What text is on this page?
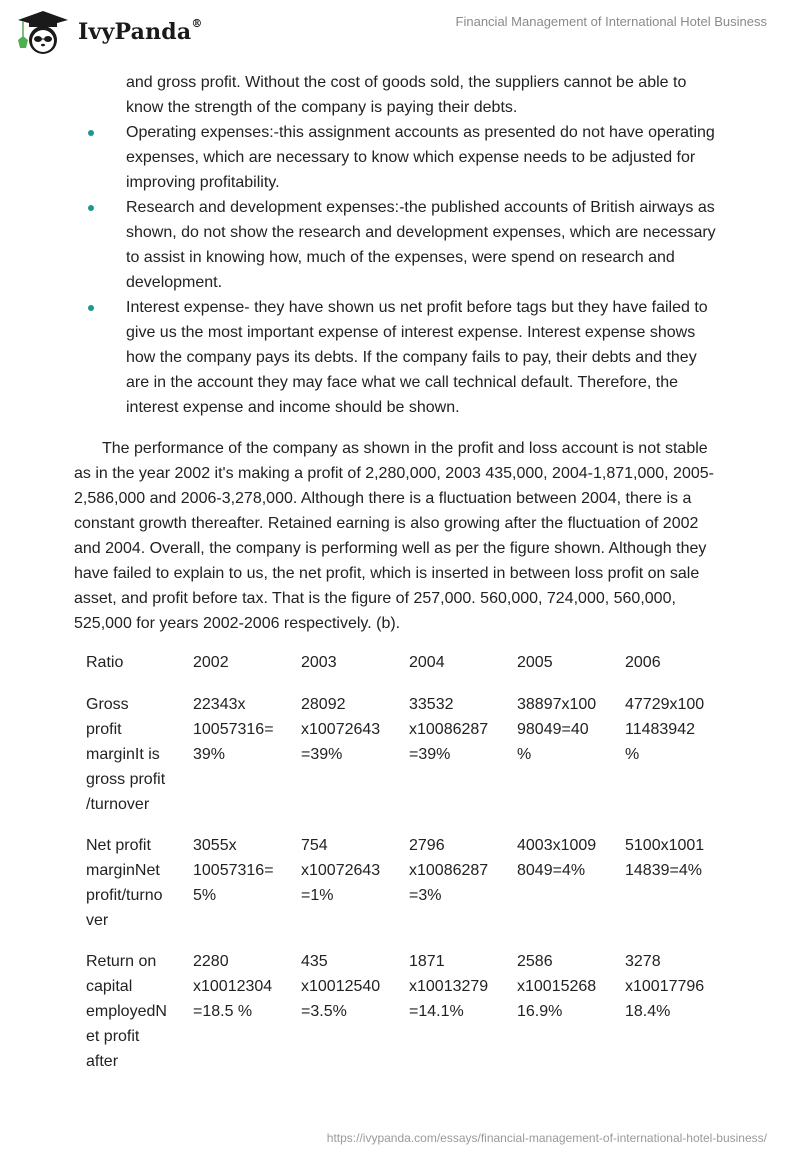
IvyPanda®	Financial Management of International Hotel Business
and gross profit. Without the cost of goods sold, the suppliers cannot be able to know the strength of the company is paying their debts.
Operating expenses:-this assignment accounts as presented do not have operating expenses, which are necessary to know which expense needs to be adjusted for improving profitability.
Research and development expenses:-the published accounts of British airways as shown, do not show the research and development expenses, which are necessary to assist in knowing how, much of the expenses, were spend on research and development.
Interest expense- they have shown us net profit before tags but they have failed to give us the most important expense of interest expense. Interest expense shows how the company pays its debts. If the company fails to pay, their debts and they are in the account they may face what we call technical default. Therefore, the interest expense and income should be shown.

The performance of the company as shown in the profit and loss account is not stable as in the year 2002 it's making a profit of 2,280,000, 2003 435,000, 2004-1,871,000, 2005-2,586,000 and 2006-3,278,000. Although there is a fluctuation between 2004, there is a constant growth thereafter. Retained earning is also growing after the fluctuation of 2002 and 2004. Overall, the company is performing well as per the figure shown. Although they have failed to explain to us, the net profit, which is inserted in between loss profit on sale asset, and profit before tax. That is the figure of 257,000. 560,000, 724,000, 560,000, 525,000 for years 2002-2006 respectively. (b).

Ratio	2002	2003	2004	2005	2006

Gross
profit
marginIt is
gross profit
/turnover	22343x
10057316=
39%	28092
x10072643
=39%	33532
x10086287
=39%	38897x100
98049=40
%	47729x100
11483942
%

Net profit
marginNet
profit/turno
ver	3055x
10057316=
5%	754
x10072643
=1%	2796
x10086287
=3%	4003x1009
8049=4%	5100x1001
14839=4%

Return on
capital
employedN
et profit
after	2280
x10012304
=18.5 %	435
x10012540
=3.5%	1871
x10013279
=14.1%	2586
x10015268
16.9%	3278
x10017796
18.4%
https://ivypanda.com/essays/financial-management-of-international-hotel-business/
